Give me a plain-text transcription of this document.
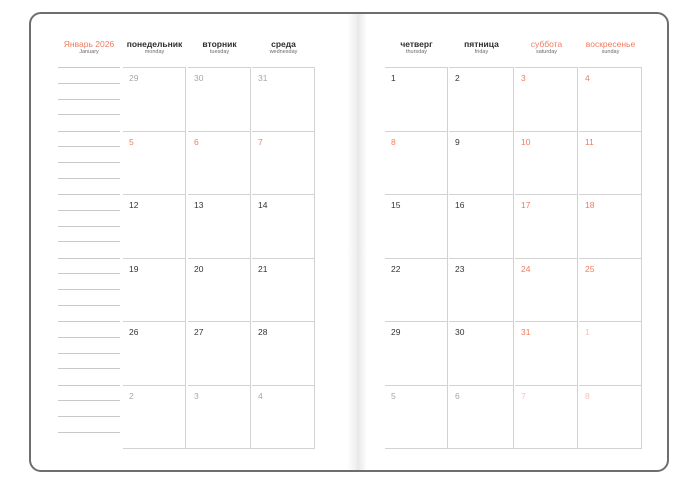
Январь 2026
January
понедельник
monday
вторник
tuesday
среда
wednesday
четверг
thursday
пятница
friday
суббота
saturday
воскресенье
sunday
29	30	31	1	2	3	4
5	6	7	8	9	10	11
12	13	14	15	16	17	18
19	20	21	22	23	24	25
26	27	28	29	30	31	1
2	3	4	5	6	7	8
